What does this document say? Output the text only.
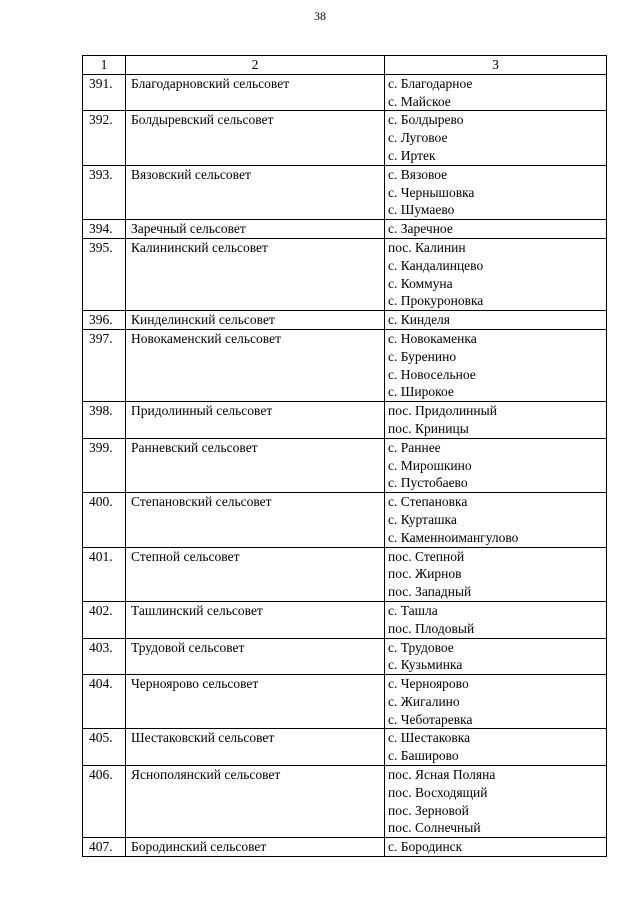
38
1	2	3
391.	Благодарновский сельсовет	с. Благодарное
с. Майское

392.	Болдыревский сельсовет	с. Болдырево
с. Луговое
с. Иртек

393.	Вязовский сельсовет	с. Вязовое
с. Чернышовка
с. Шумаево

394.	Заречный сельсовет	с. Заречное

395.	Калининский сельсовет	пос. Калинин
с. Кандалинцево
с. Коммуна
с. Прокуроновка

396.	Кинделинский сельсовет	с. Кинделя

397.	Новокаменский сельсовет	с. Новокаменка
с. Буренино
с. Новосельное
с. Широкое

398.	Придолинный сельсовет	пос. Придолинный
пос. Криницы

399.	Ранневский сельсовет	с. Раннее
с. Мирошкино
с. Пустобаево

400.	Степановский сельсовет	с. Степановка
с. Курташка
с. Каменноимангулово

401.	Степной сельсовет	пос. Степной
пос. Жирнов
пос. Западный

402.	Ташлинский сельсовет	с. Ташла
пос. Плодовый

403.	Трудовой сельсовет	с. Трудовое
с. Кузьминка

404.	Черноярово сельсовет	с. Черноярово
с. Жигалино
с. Чеботаревка

405.	Шестаковский сельсовет	с. Шестаковка
с. Баширово

406.	Яснополянский сельсовет	пос. Ясная Поляна
пос. Восходящий
пос. Зерновой
пос. Солнечный

407.	Бородинский сельсовет	с. Бородинск
